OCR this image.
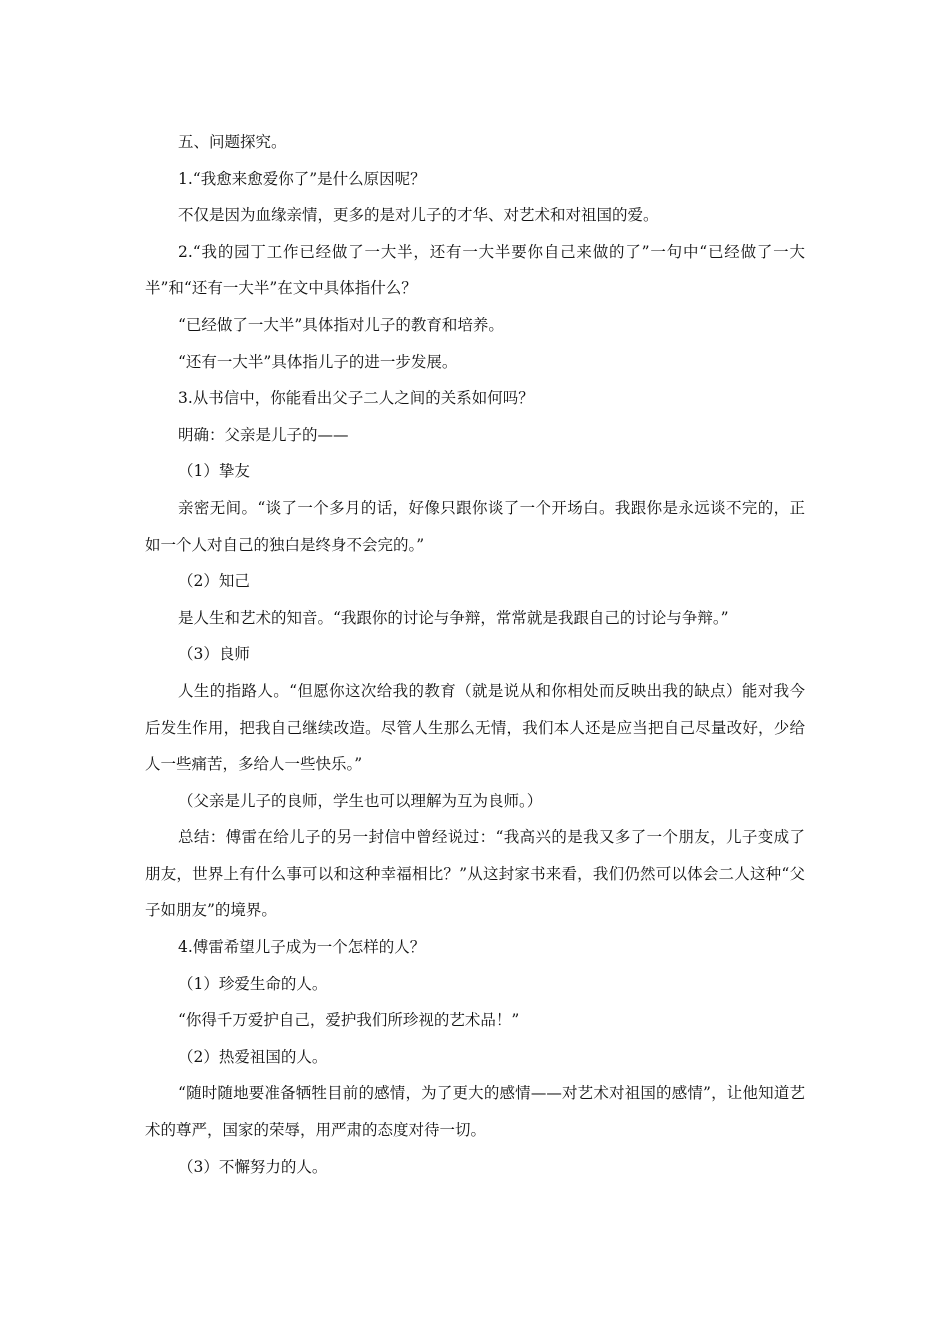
五、问题探究。

1.“我愈来愈爱你了”是什么原因呢？

不仅是因为血缘亲情，更多的是对儿子的才华、对艺术和对祖国的爱。

2.“我的园丁工作已经做了一大半，还有一大半要你自己来做的了”一句中“已经做了一大半”和“还有一大半”在文中具体指什么？

“已经做了一大半”具体指对儿子的教育和培养。

“还有一大半”具体指儿子的进一步发展。

3.从书信中，你能看出父子二人之间的关系如何吗？

明确：父亲是儿子的——

（1）挚友

亲密无间。“谈了一个多月的话，好像只跟你谈了一个开场白。我跟你是永远谈不完的，正如一个人对自己的独白是终身不会完的。”

（2）知己

是人生和艺术的知音。“我跟你的讨论与争辩，常常就是我跟自己的讨论与争辩。”

（3）良师

人生的指路人。“但愿你这次给我的教育（就是说从和你相处而反映出我的缺点）能对我今后发生作用，把我自己继续改造。尽管人生那么无情，我们本人还是应当把自己尽量改好，少给人一些痛苦，多给人一些快乐。”

（父亲是儿子的良师，学生也可以理解为互为良师。）

总结：傅雷在给儿子的另一封信中曾经说过：“我高兴的是我又多了一个朋友，儿子变成了朋友，世界上有什么事可以和这种幸福相比？”从这封家书来看，我们仍然可以体会二人这种“父子如朋友”的境界。

4.傅雷希望儿子成为一个怎样的人？

（1）珍爱生命的人。

“你得千万爱护自己，爱护我们所珍视的艺术品！”

（2）热爱祖国的人。

“随时随地要准备牺牲目前的感情，为了更大的感情——对艺术对祖国的感情”，让他知道艺术的尊严，国家的荣辱，用严肃的态度对待一切。

（3）不懈努力的人。
